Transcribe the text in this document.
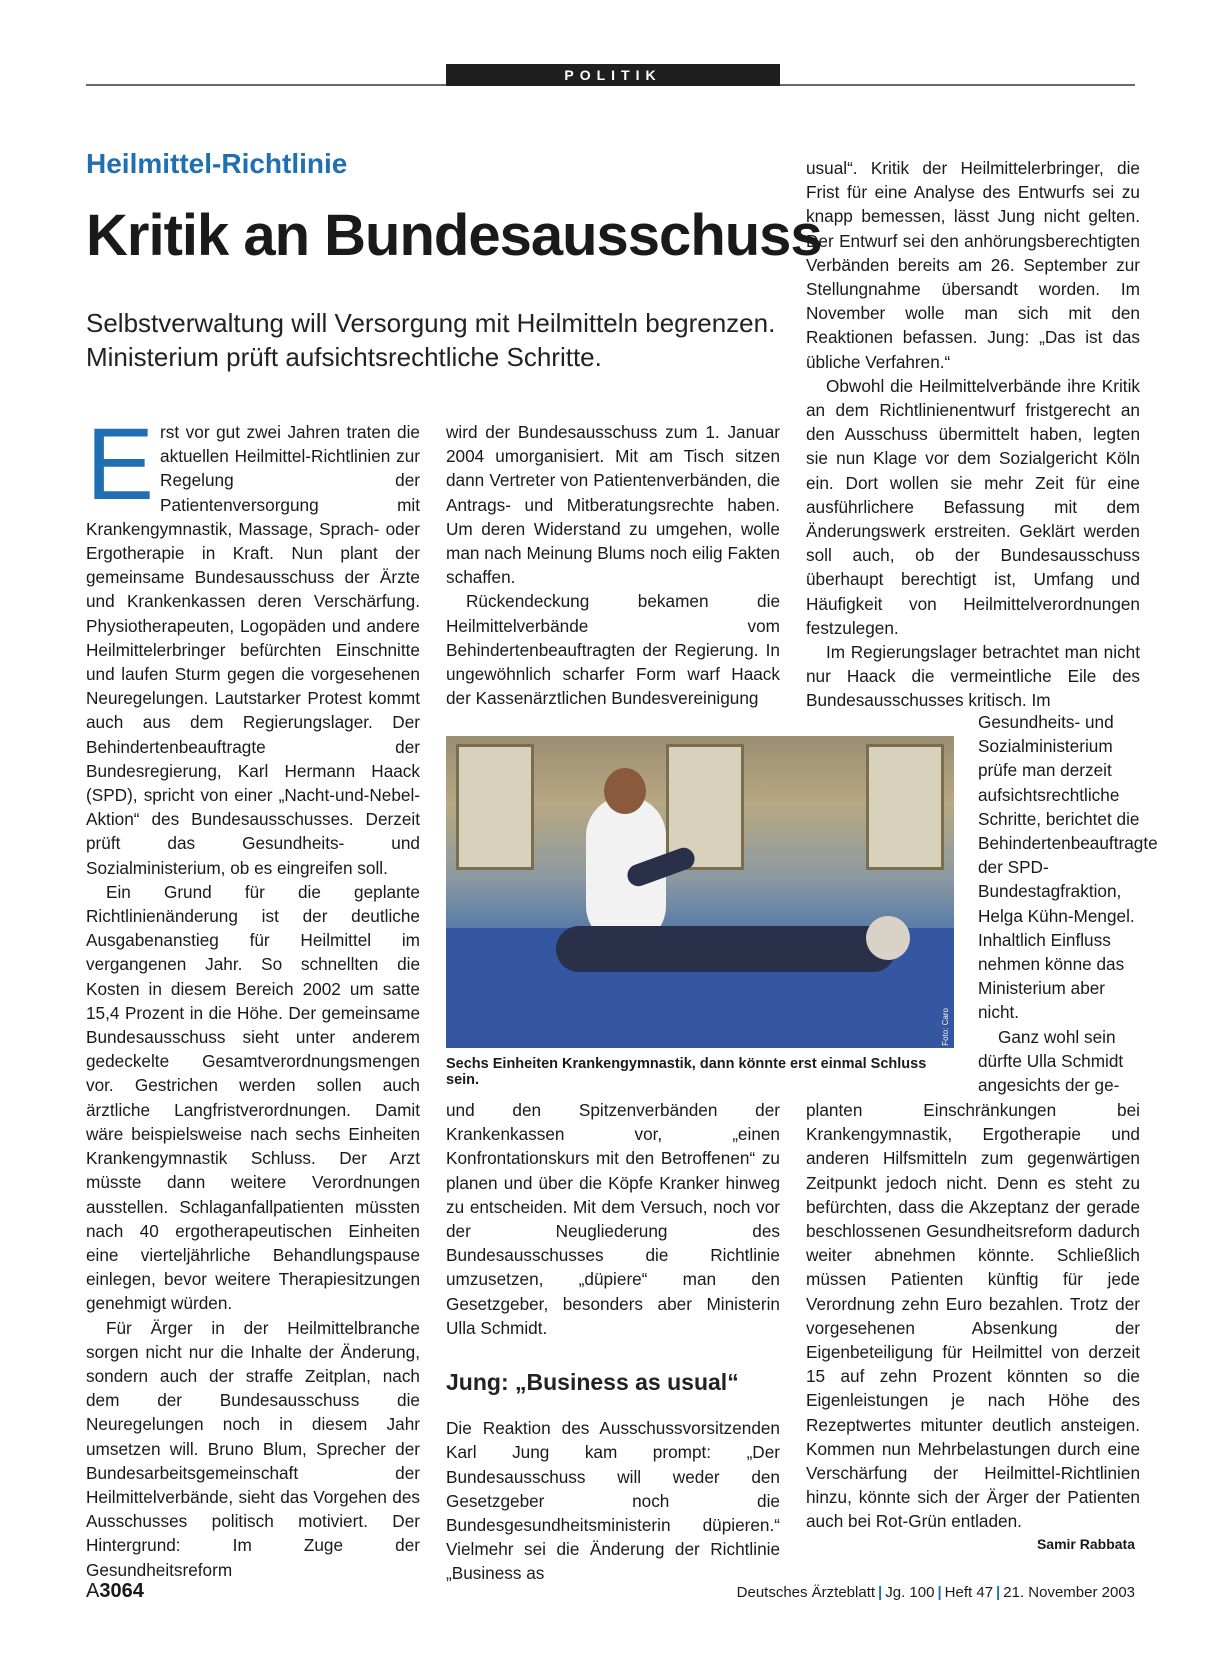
POLITIK
Heilmittel-Richtlinie
Kritik an Bundesausschuss

Selbstverwaltung will Versorgung mit Heilmitteln begrenzen. Ministerium prüft aufsichtsrechtliche Schritte.

Erst vor gut zwei Jahren traten die aktuellen Heilmittel-Richtlinien zur Regelung der Patientenversorgung mit Krankengymnastik, Massage, Sprach- oder Ergotherapie in Kraft. Nun plant der gemeinsame Bundesausschuss der Ärzte und Krankenkassen deren Verschärfung. Physiotherapeuten, Logopäden und andere Heilmittelerbringer befürchten Einschnitte und laufen Sturm gegen die vorgesehenen Neuregelungen. Lautstarker Protest kommt auch aus dem Regierungslager. Der Behindertenbeauftragte der Bundesregierung, Karl Hermann Haack (SPD), spricht von einer „Nacht-und-Nebel-Aktion“ des Bundesausschusses. Derzeit prüft das Gesundheits- und Sozialministerium, ob es eingreifen soll.

Ein Grund für die geplante Richtlinienänderung ist der deutliche Ausgabenanstieg für Heilmittel im vergangenen Jahr. So schnellten die Kosten in diesem Bereich 2002 um satte 15,4 Prozent in die Höhe. Der gemeinsame Bundesausschuss sieht unter anderem gedeckelte Gesamtverordnungsmengen vor. Gestrichen werden sollen auch ärztliche Langfristverordnungen. Damit wäre beispielsweise nach sechs Einheiten Krankengymnastik Schluss. Der Arzt müsste dann weitere Verordnungen ausstellen. Schlaganfallpatienten müssten nach 40 ergotherapeutischen Einheiten eine vierteljährliche Behandlungspause einlegen, bevor weitere Therapiesitzungen genehmigt würden.

Für Ärger in der Heilmittelbranche sorgen nicht nur die Inhalte der Änderung, sondern auch der straffe Zeitplan, nach dem der Bundesausschuss die Neuregelungen noch in diesem Jahr umsetzen will. Bruno Blum, Sprecher der Bundesarbeitsgemeinschaft der Heilmittelverbände, sieht das Vorgehen des Ausschusses politisch motiviert. Der Hintergrund: Im Zuge der Gesundheitsreform

wird der Bundesausschuss zum 1. Januar 2004 umorganisiert. Mit am Tisch sitzen dann Vertreter von Patientenverbänden, die Antrags- und Mitberatungsrechte haben. Um deren Widerstand zu umgehen, wolle man nach Meinung Blums noch eilig Fakten schaffen.

Rückendeckung bekamen die Heilmittelverbände vom Behindertenbeauftragten der Regierung. In ungewöhnlich scharfer Form warf Haack der Kassenärztlichen Bundesvereinigung

Foto: Caro
Sechs Einheiten Krankengymnastik, dann könnte erst einmal Schluss sein.

und den Spitzenverbänden der Krankenkassen vor, „einen Konfrontationskurs mit den Betroffenen“ zu planen und über die Köpfe Kranker hinweg zu entscheiden. Mit dem Versuch, noch vor der Neugliederung des Bundesausschusses die Richtlinie umzusetzen, „düpiere“ man den Gesetzgeber, besonders aber Ministerin Ulla Schmidt.

Jung: „Business as usual“

Die Reaktion des Ausschussvorsitzenden Karl Jung kam prompt: „Der Bundesausschuss will weder den Gesetzgeber noch die Bundesgesundheitsministerin düpieren.“ Vielmehr sei die Änderung der Richtlinie „Business as

usual“. Kritik der Heilmittelerbringer, die Frist für eine Analyse des Entwurfs sei zu knapp bemessen, lässt Jung nicht gelten. Der Entwurf sei den anhörungsberechtigten Verbänden bereits am 26. September zur Stellungnahme übersandt worden. Im November wolle man sich mit den Reaktionen befassen. Jung: „Das ist das übliche Verfahren.“

Obwohl die Heilmittelverbände ihre Kritik an dem Richtlinienentwurf fristgerecht an den Ausschuss übermittelt haben, legten sie nun Klage vor dem Sozialgericht Köln ein. Dort wollen sie mehr Zeit für eine ausführlichere Befassung mit dem Änderungswerk erstreiten. Geklärt werden soll auch, ob der Bundesausschuss überhaupt berechtigt ist, Umfang und Häufigkeit von Heilmittelverordnungen festzulegen.

Im Regierungslager betrachtet man nicht nur Haack die vermeintliche Eile des Bundesausschusses kritisch. Im

Gesundheits- und Sozialministerium prüfe man derzeit aufsichtsrechtliche Schritte, berichtet die Behindertenbeauftragte der SPD-Bundestagfraktion, Helga Kühn-Mengel. Inhaltlich Einfluss nehmen könne das Ministerium aber nicht.

Ganz wohl sein dürfte Ulla Schmidt angesichts der ge-

planten Einschränkungen bei Krankengymnastik, Ergotherapie und anderen Hilfsmitteln zum gegenwärtigen Zeitpunkt jedoch nicht. Denn es steht zu befürchten, dass die Akzeptanz der gerade beschlossenen Gesundheitsreform dadurch weiter abnehmen könnte. Schließlich müssen Patienten künftig für jede Verordnung zehn Euro bezahlen. Trotz der vorgesehenen Absenkung der Eigenbeteiligung für Heilmittel von derzeit 15 auf zehn Prozent könnten so die Eigenleistungen je nach Höhe des Rezeptwertes mitunter deutlich ansteigen. Kommen nun Mehrbelastungen durch eine Verschärfung der Heilmittel-Richtlinien hinzu, könnte sich der Ärger der Patienten auch bei Rot-Grün entladen.

Samir Rabbata
A3064	Deutsches Ärzteblatt | Jg. 100 | Heft 47 | 21. November 2003
